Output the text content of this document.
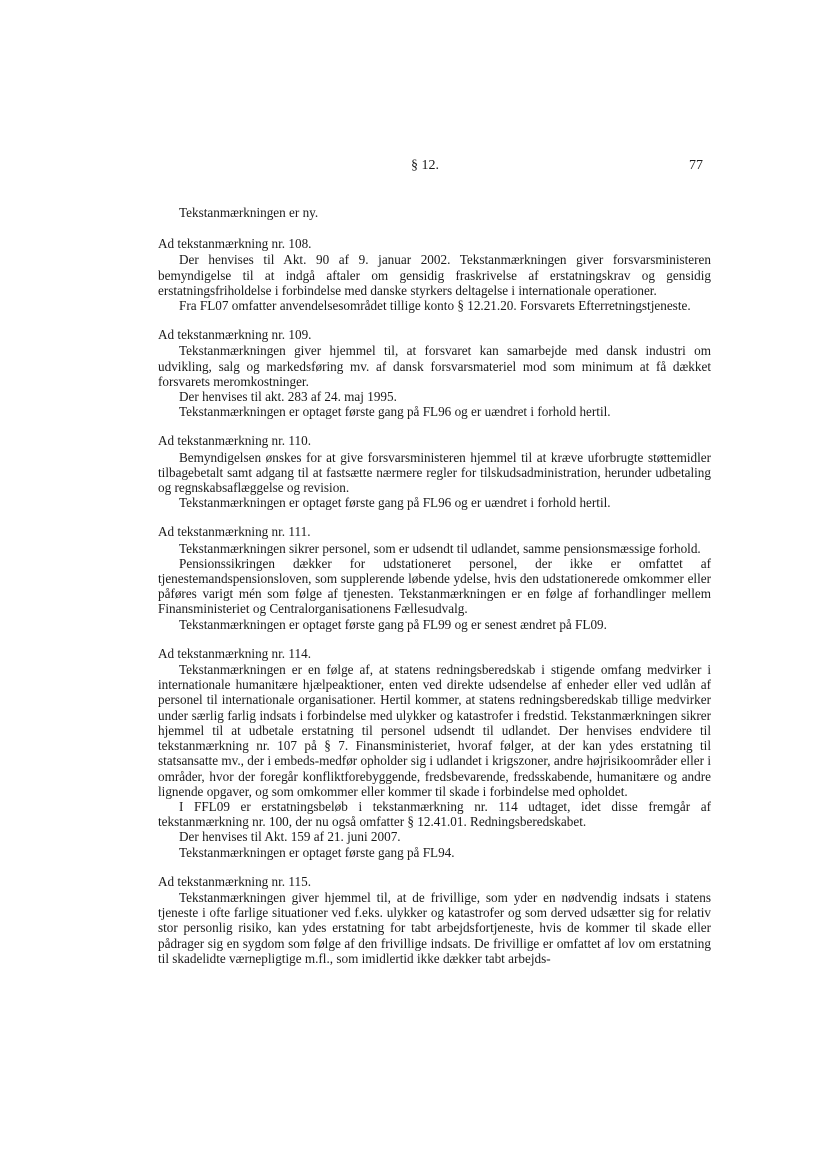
§ 12.	77

Tekstanmærkningen er ny.

Ad tekstanmærkning nr. 108.

Der henvises til Akt. 90 af 9. januar 2002. Tekstanmærkningen giver forsvarsministeren bemyndigelse til at indgå aftaler om gensidig fraskrivelse af erstatningskrav og gensidig erstatningsfriholdelse i forbindelse med danske styrkers deltagelse i internationale operationer.

Fra FL07 omfatter anvendelsesområdet tillige konto § 12.21.20. Forsvarets Efterretningstjeneste.

Ad tekstanmærkning nr. 109.

Tekstanmærkningen giver hjemmel til, at forsvaret kan samarbejde med dansk industri om udvikling, salg og markedsføring mv. af dansk forsvarsmateriel mod som minimum at få dækket forsvarets meromkostninger.

Der henvises til akt. 283 af 24. maj 1995.

Tekstanmærkningen er optaget første gang på FL96 og er uændret i forhold hertil.

Ad tekstanmærkning nr. 110.

Bemyndigelsen ønskes for at give forsvarsministeren hjemmel til at kræve uforbrugte støttemidler tilbagebetalt samt adgang til at fastsætte nærmere regler for tilskudsadministration, herunder udbetaling og regnskabsaflæggelse og revision.

Tekstanmærkningen er optaget første gang på FL96 og er uændret i forhold hertil.

Ad tekstanmærkning nr. 111.

Tekstanmærkningen sikrer personel, som er udsendt til udlandet, samme pensionsmæssige forhold.

Pensionssikringen dækker for udstationeret personel, der ikke er omfattet af tjenestemandspensionsloven, som supplerende løbende ydelse, hvis den udstationerede omkommer eller påføres varigt mén som følge af tjenesten. Tekstanmærkningen er en følge af forhandlinger mellem Finansministeriet og Centralorganisationens Fællesudvalg.

Tekstanmærkningen er optaget første gang på FL99 og er senest ændret på FL09.

Ad tekstanmærkning nr. 114.

Tekstanmærkningen er en følge af, at statens redningsberedskab i stigende omfang medvirker i internationale humanitære hjælpeaktioner, enten ved direkte udsendelse af enheder eller ved udlån af personel til internationale organisationer. Hertil kommer, at statens redningsberedskab tillige medvirker under særlig farlig indsats i forbindelse med ulykker og katastrofer i fredstid. Tekstanmærkningen sikrer hjemmel til at udbetale erstatning til personel udsendt til udlandet. Der henvises endvidere til tekstanmærkning nr. 107 på § 7. Finansministeriet, hvoraf følger, at der kan ydes erstatning til statsansatte mv., der i embeds-medfør opholder sig i udlandet i krigszoner, andre højrisikoområder eller i områder, hvor der foregår konfliktforebyggende, fredsbevarende, fredsskabende, humanitære og andre lignende opgaver, og som omkommer eller kommer til skade i forbindelse med opholdet.

I FFL09 er erstatningsbeløb i tekstanmærkning nr. 114 udtaget, idet disse fremgår af tekstanmærkning nr. 100, der nu også omfatter § 12.41.01. Redningsberedskabet.

Der henvises til Akt. 159 af 21. juni 2007.

Tekstanmærkningen er optaget første gang på FL94.

Ad tekstanmærkning nr. 115.

Tekstanmærkningen giver hjemmel til, at de frivillige, som yder en nødvendig indsats i statens tjeneste i ofte farlige situationer ved f.eks. ulykker og katastrofer og som derved udsætter sig for relativ stor personlig risiko, kan ydes erstatning for tabt arbejdsfortjeneste, hvis de kommer til skade eller pådrager sig en sygdom som følge af den frivillige indsats. De frivillige er omfattet af lov om erstatning til skadelidte værnepligtige m.fl., som imidlertid ikke dækker tabt arbejds-
